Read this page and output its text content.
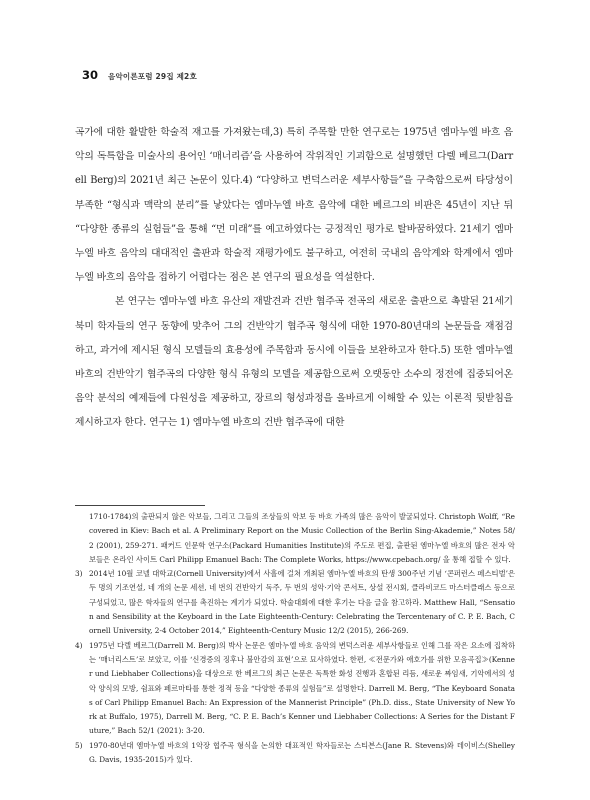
30 음악이론포럼 29집 제2호

곡가에 대한 활발한 학술적 재고를 가져왔는데,3) 특히 주목할 만한 연구로는 1975년 엠마누엘 바흐 음악의 독특함을 미술사의 용어인 ‘매너리즘’을 사용하여 작위적인 기괴함으로 설명했던 다렐 베르그(Darrell Berg)의 2021년 최근 논문이 있다.4) “다양하고 변덕스러운 세부사항들”을 구축함으로써 타당성이 부족한 “형식과 맥락의 분리”를 낳았다는 엠마누엘 바흐 음악에 대한 베르그의 비판은 45년이 지난 뒤 “다양한 종류의 실험들”을 통해 “먼 미래”를 예고하였다는 긍정적인 평가로 탈바꿈하였다. 21세기 엠마누엘 바흐 음악의 대대적인 출판과 학술적 재평가에도 불구하고, 여전히 국내의 음악계와 학계에서 엠마누엘 바흐의 음악을 접하기 어렵다는 점은 본 연구의 필요성을 역설한다.

본 연구는 엠마누엘 바흐 유산의 재발견과 건반 협주곡 전곡의 새로운 출판으로 촉발된 21세기 북미 학자들의 연구 동향에 맞추어 그의 건반악기 협주곡 형식에 대한 1970-80년대의 논문들을 재점검하고, 과거에 제시된 형식 모델들의 효용성에 주목함과 동시에 이들을 보완하고자 한다.5) 또한 엠마누엘 바흐의 건반악기 협주곡의 다양한 형식 유형의 모델을 제공함으로써 오랫동안 소수의 정전에 집중되어온 음악 분석의 예제들에 다원성을 제공하고, 장르의 형성과정을 올바르게 이해할 수 있는 이론적 뒷받침을 제시하고자 한다. 연구는 1) 엠마누엘 바흐의 건반 협주곡에 대한

1710-1784)의 출판되지 않은 악보들, 그리고 그들의 조상들의 악보 등 바흐 가족의 많은 음악이 발굴되었다. Christoph Wolff, “Recovered in Kiev: Bach et al. A Preliminary Report on the Music Collection of the Berlin Sing-Akademie,” Notes 58/2 (2001), 259-271. 패커드 인문학 연구소(Packard Humanities Institute)의 주도로 편집, 출판된 엠마누엘 바흐의 많은 전자 악보들은 온라인 사이트 Carl Philipp Emanuel Bach: The Complete Works, https://www.cpebach.org/ 을 통해 접할 수 있다.
3) 2014년 10월 코넬 대학교(Cornell University)에서 사흘에 걸쳐 개최된 엠마누엘 바흐의 탄생 300주년 기념 ‘콘퍼런스 페스티벌’은 두 명의 기조연설, 네 개의 논문 세션, 네 번의 건반악기 독주, 두 번의 성악·기악 콘서트, 상설 전시회, 클라비코드 마스터클래스 등으로 구성되었고, 많은 학자들의 연구를 촉진하는 계기가 되었다. 학술대회에 대한 후기는 다음 글을 참고하라. Matthew Hall, “Sensation and Sensibility at the Keyboard in the Late Eighteenth-Century: Celebrating the Tercentenary of C. P. E. Bach, Cornell University, 2-4 October 2014,” Eighteenth-Century Music 12/2 (2015), 266-269.
4) 1975년 다렐 베르그(Darrell M. Berg)의 박사 논문은 엠마누엘 바흐 음악의 변덕스러운 세부사항들로 인해 그를 작은 요소에 집착하는 ‘매너리스트’로 보았고, 이를 ‘신경증의 징후나 불안감의 표현’으로 묘사하였다. 한편, ≪전문가와 애호가를 위한 모음곡집≫(Kenner und Liebhaber Collections)을 대상으로 한 베르그의 최근 논문은 독특한 화성 진행과 혼합된 리듬, 새로운 짜임새, 기악에서의 성악 양식의 모방, 쉼표와 페르마타를 통한 정적 등을 “다양한 종류의 실험들”로 설명한다. Darrell M. Berg, “The Keyboard Sonatas of Carl Philipp Emanuel Bach: An Expression of the Mannerist Principle” (Ph.D. diss., State University of New York at Buffalo, 1975), Darrell M. Berg, “C. P. E. Bach’s Kenner und Liebhaber Collections: A Series for the Distant Future,” Bach 52/1 (2021): 3-20.
5) 1970-80년대 엠마누엘 바흐의 1악장 협주곡 형식을 논의한 대표적인 학자들로는 스티븐스(Jane R. Stevens)와 데이비스(Shelley G. Davis, 1935-2015)가 있다.
